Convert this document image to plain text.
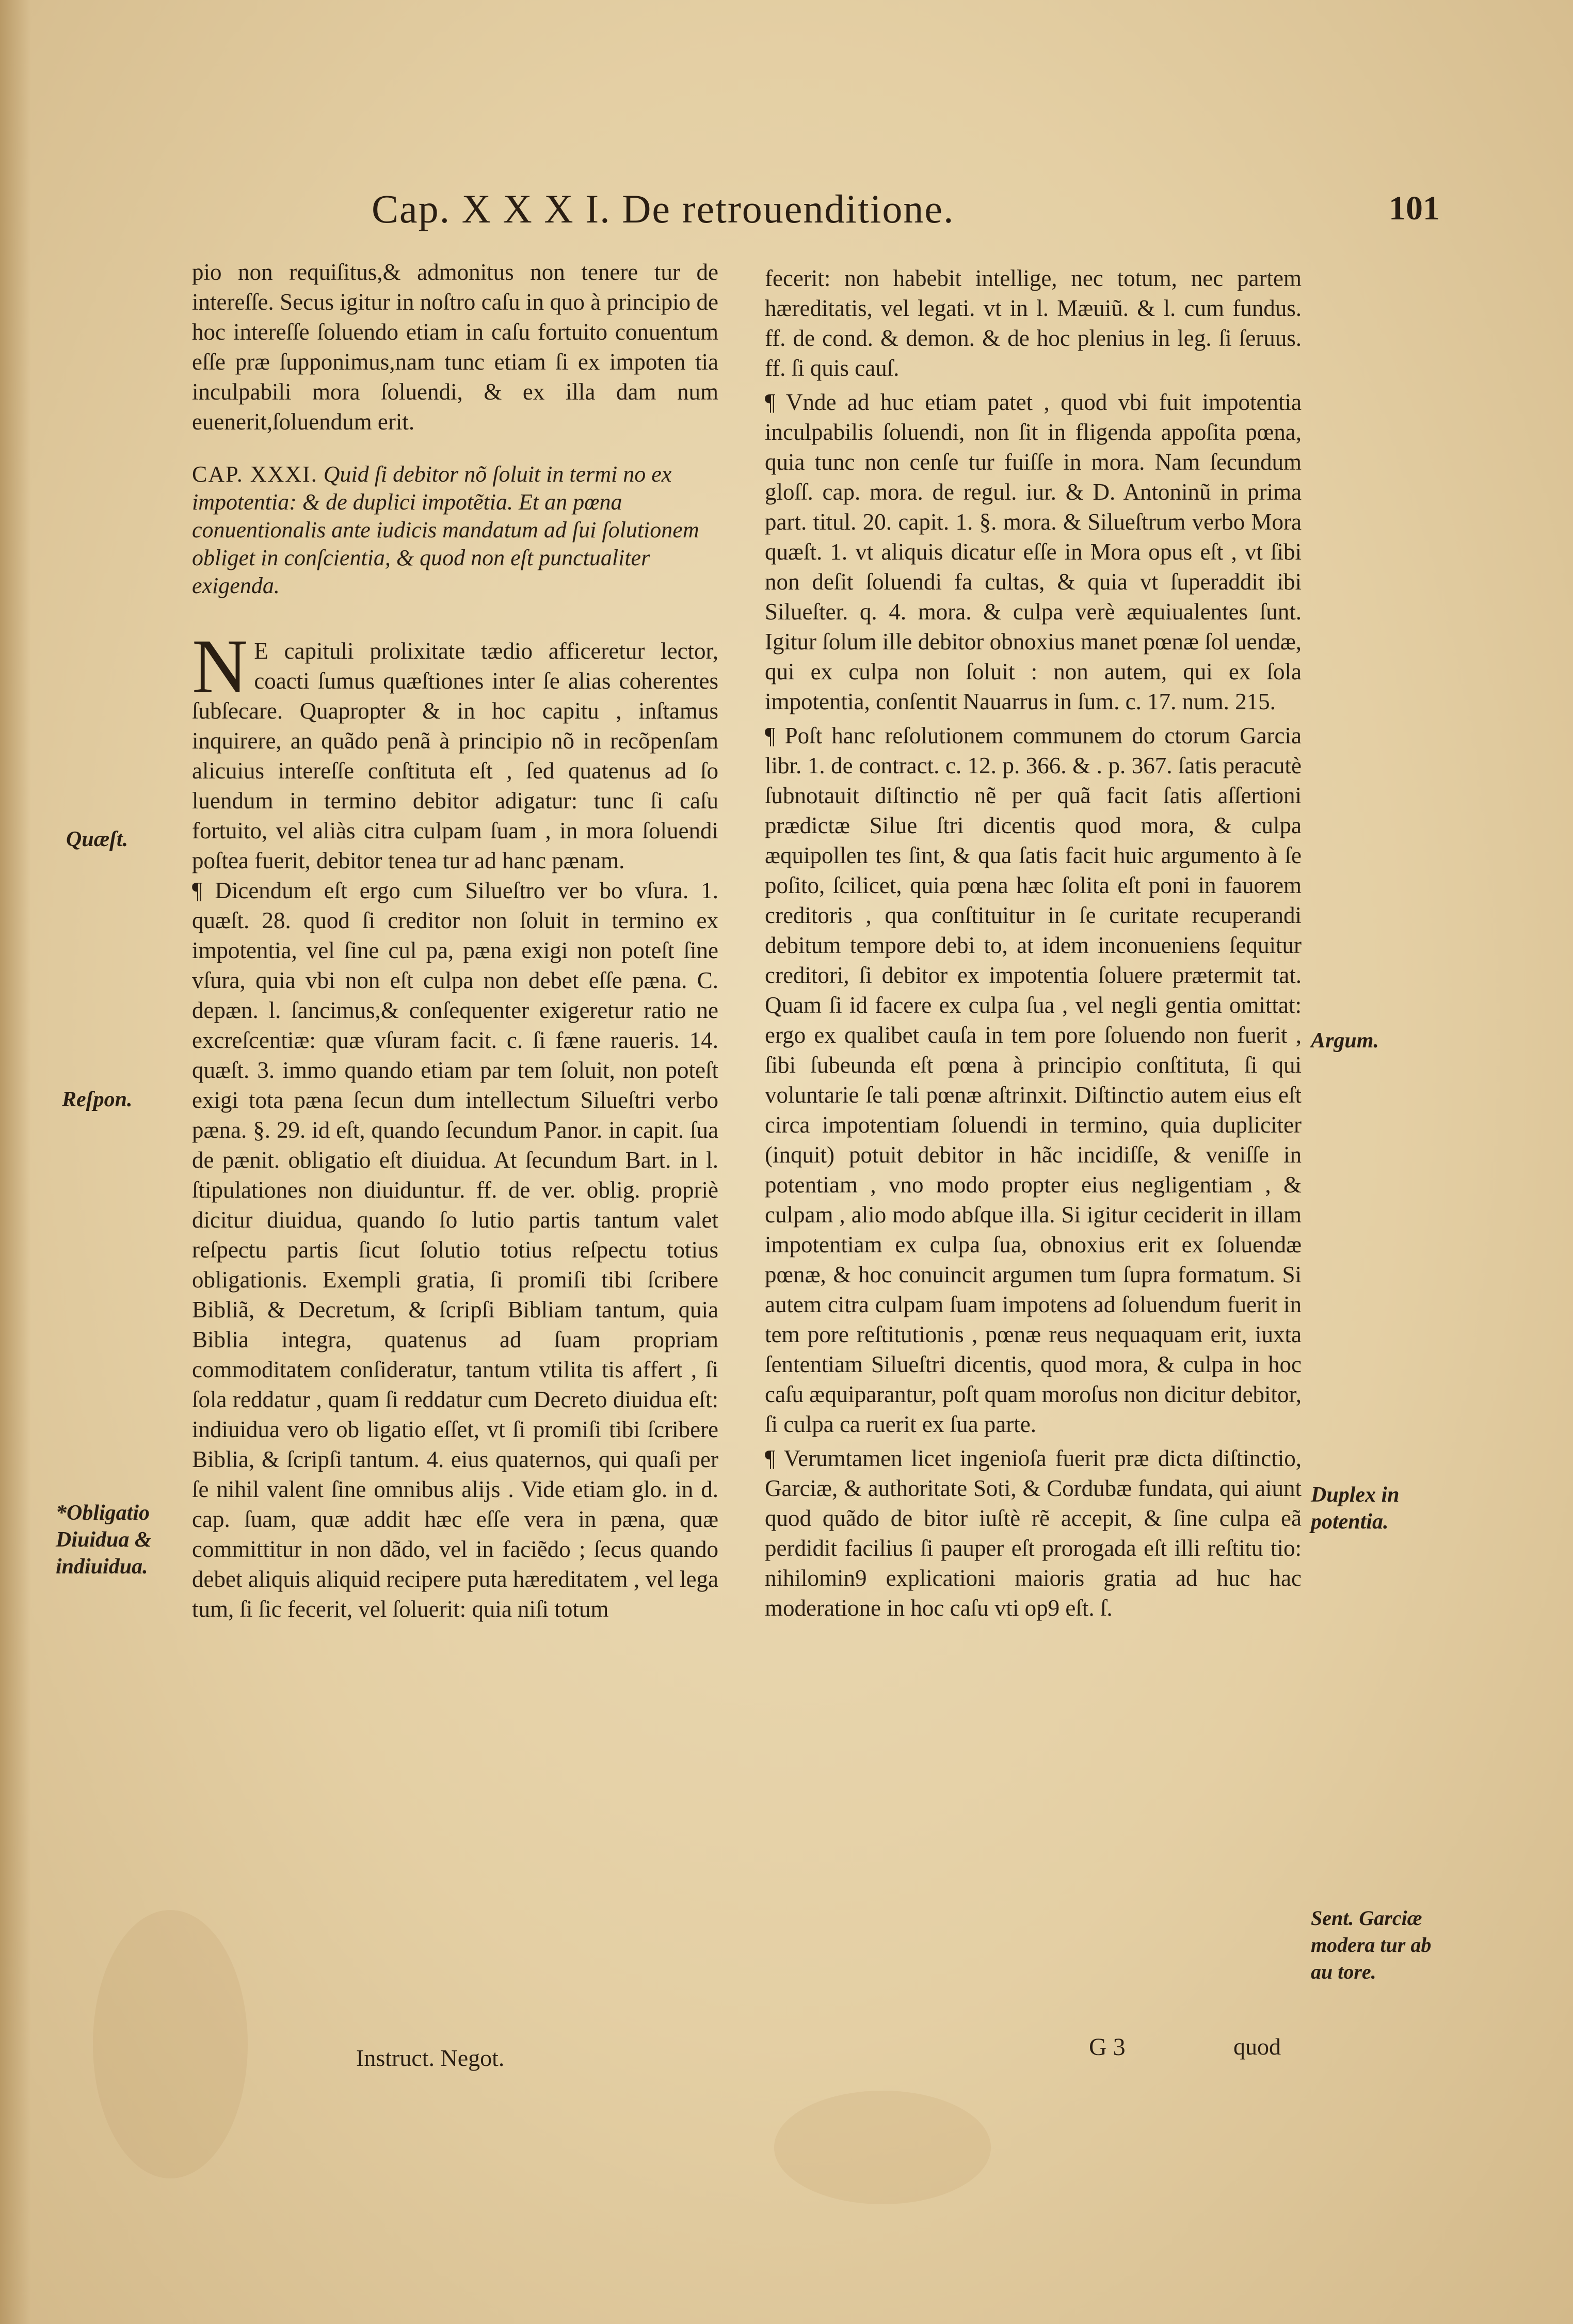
Cap. X X X I. De retrouenditione.	101

pio non requiſitus,& admonitus non tenere tur de intereſſe. Secus igitur in noſtro caſu in quo à principio de hoc intereſſe ſoluendo etiam in caſu fortuito conuentum eſſe præ ſupponimus,nam tunc etiam ſi ex impoten tia inculpabili mora ſoluendi, & ex illa dam num euenerit,ſoluendum erit.

CAP. XXXI. Quid ſi debitor nõ ſoluit in termi no ex impotentia: & de duplici impotẽtia. Et an pœna conuentionalis ante iudicis mandatum ad ſui ſolutionem obliget in conſcientia, & quod non eſt punctualiter exigenda.

N E capituli prolixitate tædio afficeretur lector, coacti ſumus quæſtiones inter ſe alias coherentes ſubſecare. Quapropter & in hoc capitu , inſtamus inquirere, an quãdo penã à principio nõ in recõpenſam alicuius intereſſe conſtituta eſt , ſed quatenus ad ſo luendum in termino debitor adigatur: tunc ſi caſu fortuito, vel aliàs citra culpam ſuam , in mora ſoluendi poſtea fuerit, debitor tenea tur ad hanc pænam.

¶ Dicendum eſt ergo cum Silueſtro ver bo vſura. 1. quæſt. 28. quod ſi creditor non ſoluit in termino ex impotentia, vel ſine cul pa, pæna exigi non poteſt ſine vſura, quia vbi non eſt culpa non debet eſſe pæna. C. depæn. l. ſancimus,& conſequenter exigeretur ratio ne excreſcentiæ: quæ vſuram facit. c. ſi fæne raueris. 14. quæſt. 3. immo quando etiam par tem ſoluit, non poteſt exigi tota pæna ſecun dum intellectum Silueſtri verbo pæna. §. 29. id eſt, quando ſecundum Panor. in capit. ſua de pænit. obligatio eſt diuidua. At ſecundum Bart. in l. ſtipulationes non diuiduntur. ff. de ver. oblig. propriè dicitur diuidua, quando ſo lutio partis tantum valet reſpectu partis ſicut ſolutio totius reſpectu totius obligationis. Exempli gratia, ſi promiſi tibi ſcribere Bibliã, & Decretum, & ſcripſi Bibliam tantum, quia Biblia integra, quatenus ad ſuam propriam commoditatem conſideratur, tantum vtilita tis affert , ſi ſola reddatur , quam ſi reddatur cum Decreto diuidua eſt: indiuidua vero ob ligatio eſſet, vt ſi promiſi tibi ſcribere Biblia, & ſcripſi tantum. 4. eius quaternos, qui quaſi per ſe nihil valent ſine omnibus alijs . Vide etiam glo. in d. cap. ſuam, quæ addit hæc eſſe vera in pæna, quæ committitur in non dãdo, vel in faciẽdo ; ſecus quando debet aliquis aliquid recipere puta hæreditatem , vel lega tum, ſi ſic fecerit, vel ſoluerit: quia niſi totum

fecerit: non habebit intellige, nec totum, nec partem hæreditatis, vel legati. vt in l. Mæuiũ. & l. cum fundus. ff. de cond. & demon. & de hoc plenius in leg. ſi ſeruus. ff. ſi quis cauſ.

¶ Vnde ad huc etiam patet , quod vbi fuit impotentia inculpabilis ſoluendi, non ſit in fligenda appoſita pœna, quia tunc non cenſe tur fuiſſe in mora. Nam ſecundum gloſſ. cap. mora. de regul. iur. & D. Antoninũ in prima part. titul. 20. capit. 1. §. mora. & Silueſtrum verbo Mora quæſt. 1. vt aliquis dicatur eſſe in Mora opus eſt , vt ſibi non deſit ſoluendi fa cultas, & quia vt ſuperaddit ibi Silueſter. q. 4. mora. & culpa verè æquiualentes ſunt. Igitur ſolum ille debitor obnoxius manet pœnæ ſol uendæ, qui ex culpa non ſoluit : non autem, qui ex ſola impotentia, conſentit Nauarrus in ſum. c. 17. num. 215.

¶ Poſt hanc reſolutionem communem do ctorum Garcia libr. 1. de contract. c. 12. p. 366. & . p. 367. ſatis peracutè ſubnotauit diſtinctio nẽ per quã facit ſatis aſſertioni prædictæ Silue ſtri dicentis quod mora, & culpa æquipollen tes ſint, & qua ſatis facit huic argumento à ſe poſito, ſcilicet, quia pœna hæc ſolita eſt poni in fauorem creditoris , qua conſtituitur in ſe curitate recuperandi debitum tempore debi to, at idem inconueniens ſequitur creditori, ſi debitor ex impotentia ſoluere prætermit tat. Quam ſi id facere ex culpa ſua , vel negli gentia omittat: ergo ex qualibet cauſa in tem pore ſoluendo non fuerit , ſibi ſubeunda eſt pœna à principio conſtituta, ſi qui voluntarie ſe tali pœnæ aſtrinxit. Diſtinctio autem eius eſt circa impotentiam ſoluendi in termino, quia dupliciter (inquit) potuit debitor in hãc incidiſſe, & veniſſe in potentiam , vno modo propter eius negligentiam , & culpam , alio modo abſque illa. Si igitur ceciderit in illam impotentiam ex culpa ſua, obnoxius erit ex ſoluendæ pœnæ, & hoc conuincit argumen tum ſupra formatum. Si autem citra culpam ſuam impotens ad ſoluendum fuerit in tem pore reſtitutionis , pœnæ reus nequaquam erit, iuxta ſententiam Silueſtri dicentis, quod mora, & culpa in hoc caſu æquiparantur, poſt quam moroſus non dicitur debitor, ſi culpa ca ruerit ex ſua parte.

¶ Verumtamen licet ingenioſa fuerit præ dicta diſtinctio, Garciæ, & authoritate Soti, & Cordubæ fundata, qui aiunt quod quãdo de bitor iuſtè rẽ accepit, & ſine culpa eã perdidit facilius ſi pauper eſt prorogada eſt illi reſtitu tio: nihilomin9 explicationi maioris gratia ad huc hac moderatione in hoc caſu vti op9 eſt. ſ.

Quæſt.
Reſpon.
*Obligatio Diuidua & indiuidua.
Argum.
Duplex in potentia.
Sent. Garciæ modera tur ab au tore.
Instruct. Negot.	G 3	quod
